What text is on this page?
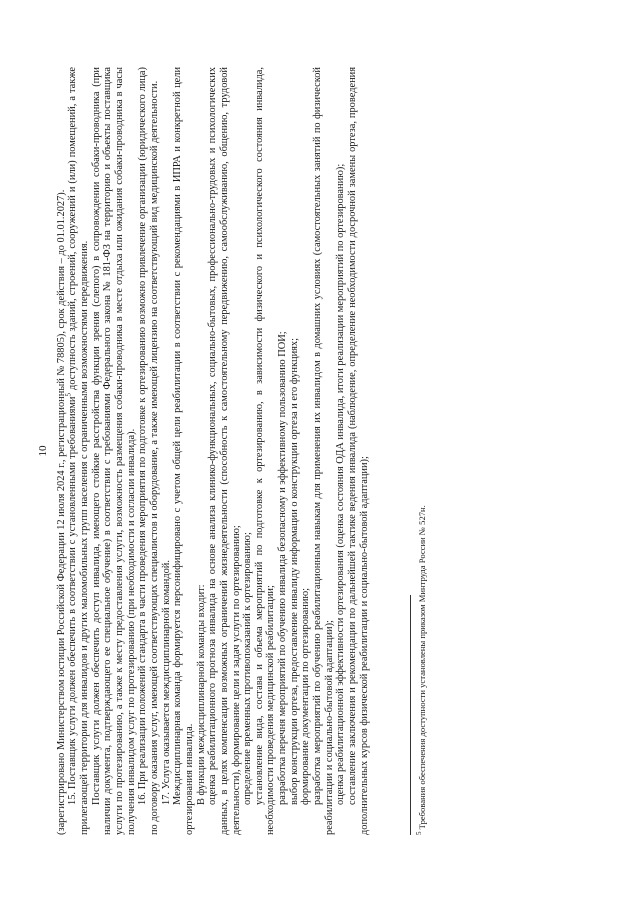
10 (зарегистрировано Министерством юстиции Российской Федерации 12 июля 2024 г., регистрационный № 78805), срок действия – до 01.01.2027). 15. Поставщик услуги должен обеспечить в соответствии с установленными требованиями$^5$ доступность зданий, строений, сооружений и (или) помещений, а также прилегающей территории для инвалидов и других маломобильных групп населения с ограниченными возможностями передвижения. Поставщик услуги должен обеспечить доступ инвалида, имеющего стойкие расстройства функции зрения (слепого) в сопровождении собаки-проводника (при наличии документа, подтверждающего ее специальное обучение) в соответствии с требованиями Федерального закона № 181-ФЗ на территорию и объекты поставщика услуги по протезированию, а также к месту предоставления услуги, возможность размещения собаки-проводника в месте отдыха или ожидания собаки-проводника в часы получения инвалидом услуг по протезированию (при необходимости и согласии инвалида). 16. При реализации положений стандарта в части проведения мероприятия по подготовке к ортезированию возможно привлечение организации (юридического лица) по договору оказания услуг, имеющей соответствующих специалистов и оборудование, а также имеющей лицензию на соответствующий вид медицинской деятельности. 17. Услуга оказывается междисциплинарной командой. Междисциплинарная команда формируется персонифицировано с учетом общей цели реабилитации в соответствии с рекомендациями в ИПРА и конкретной цели ортезирования инвалида. В функции междисциплинарной команды входит: оценка реабилитационного прогноза инвалида на основе анализа клинико-функциональных, социально-бытовых, профессионально-трудовых и психологических данных, в целях компенсации возможных ограничений жизнедеятельности (способность к самостоятельному передвижению, самообслуживанию, общению, трудовой деятельности), формирование цели и задач услуги по ортезированию; определение временных противопоказаний к ортезированию; установление вида, состава и объема мероприятий по подготовке к ортезированию, в зависимости физического и психологического состояния инвалида, необходимости проведения медицинской реабилитации; разработка перечня мероприятий по обучению инвалида безопасному и эффективному пользованию ПОИ; выбор конструкции ортеза, предоставление инвалиду информации о конструкции ортеза и его функциях; формирование документации по ортезированию; разработка мероприятий по обучению реабилитационным навыкам для применения их инвалидом в домашних условиях (самостоятельных занятий по физической реабилитации и социально-бытовой адаптации); оценка реабилитационной эффективности ортезирования (оценка состояния ОДА инвалида, итоги реализации мероприятий по ортезированию); составление заключения и рекомендации по дальнейшей тактике ведения инвалида (наблюдение, определение необходимости досрочной замены ортеза, проведения дополнительных курсов физической реабилитации и социально-бытовой адаптации);	$^5$ Требования обеспечения доступности установлены приказом Минтруда России № 527н.
